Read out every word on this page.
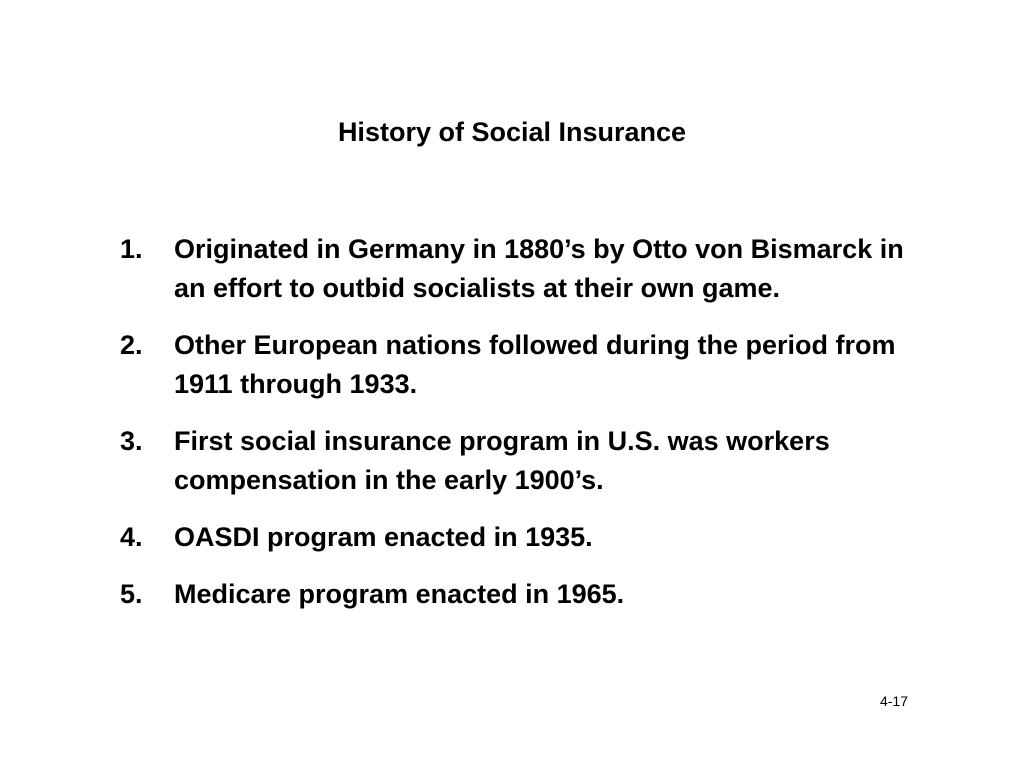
History of Social Insurance
1.	Originated in Germany in 1880’s by Otto von Bismarck in an effort to outbid socialists at their own game.
2.	Other European nations followed during the period from 1911 through 1933.
3.	First social insurance program in U.S. was workers compensation in the early 1900’s.
4.	OASDI program enacted in 1935.
5.	Medicare program enacted in 1965.
4-17
